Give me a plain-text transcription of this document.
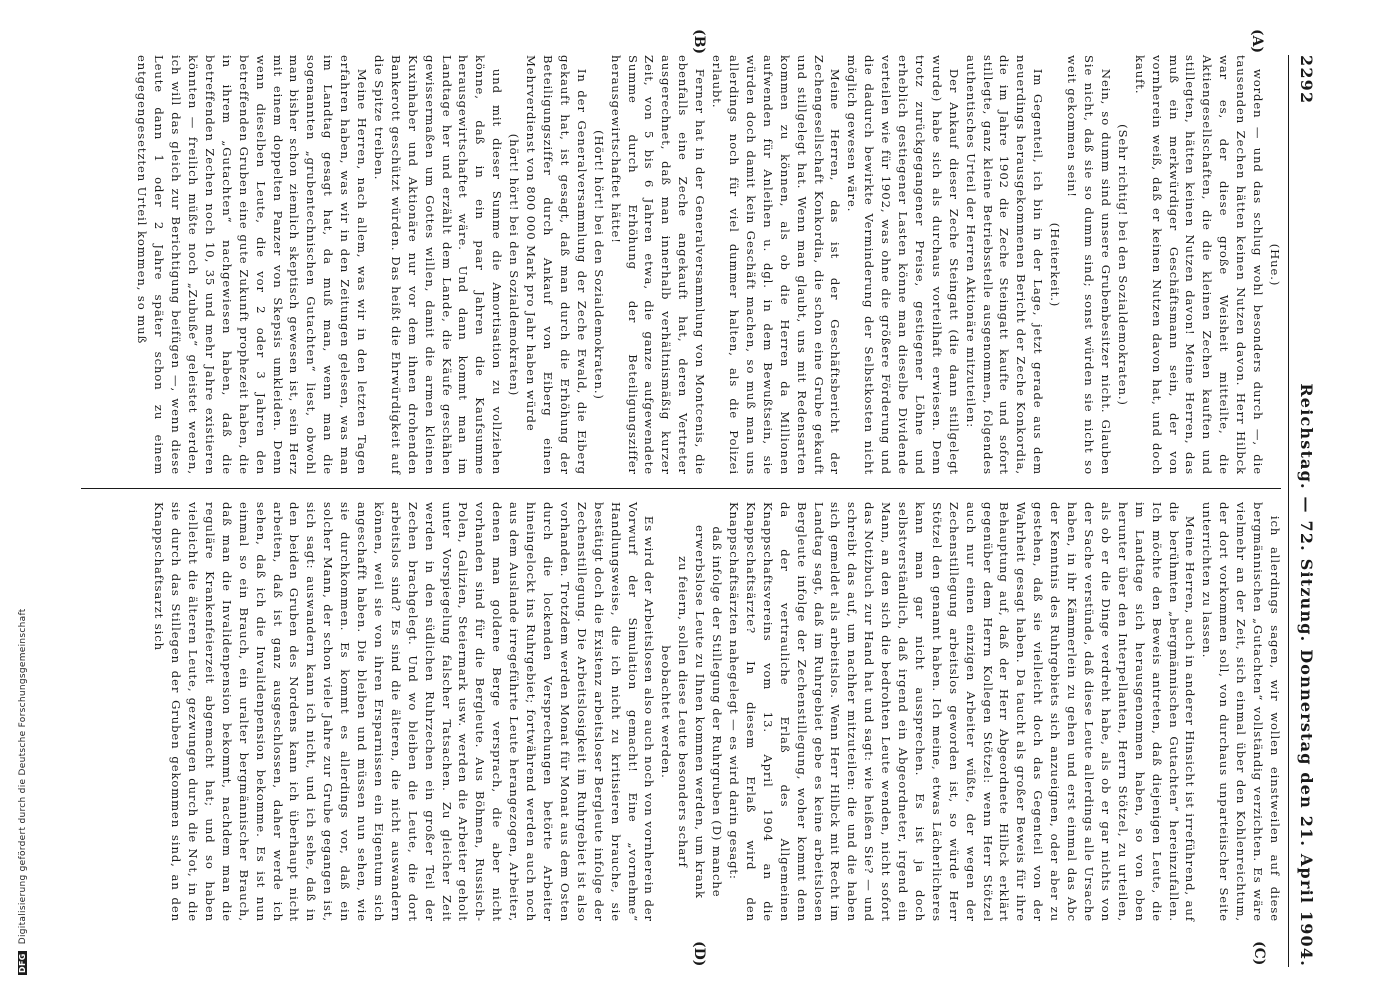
2292
Reichstag. — 72. Sitzung. Donnerstag den 21. April 1904.

(Hue.)

worden — und das schlug wohl besonders durch —, die tausenden Zechen hätten keinen Nutzen davon. Herr Hilbck war es, der diese große Weisheit mitteilte, die Aktiengesellschaften, die die kleinen Zechen kauften und stillegten, hätten keinen Nutzen davon! Meine Herren, das muß ein merkwürdiger Geschäftsmann sein, der von vornherein weiß, daß er keinen Nutzen davon hat, und doch kauft.

(Sehr richtig! bei den Sozialdemokraten.)

Nein, so dumm sind unsere Grubenbesitzer nicht. Glauben Sie nicht, daß sie so dumm sind; sonst würden sie nicht so weit gekommen sein!

(Heiterkeit.)

Im Gegenteil, ich bin in der Lage, jetzt gerade aus dem neuerdings herausgekommenen Bericht der Zeche Konkordia, die im Jahre 1902 die Zeche Steingatt kaufte und sofort stillegte, ganz kleine Betriebsstelle ausgenommen, folgendes authentisches Urteil der Herren Aktionäre mitzuteilen:

Der Ankauf dieser Zeche Steingatt (die dann stillgelegt wurde) habe sich als durchaus vorteilhaft erwiesen. Denn trotz zurückgegangener Preise, gestiegener Löhne und erheblich gestiegener Lasten könne man dieselbe Dividende verteilen wie für 1902, was ohne die größere Förderung und die dadurch bewirkte Verminderung der Selbstkosten nicht möglich gewesen wäre.

Meine Herren, das ist der Geschäftsbericht der Zechengesellschaft Konkordia, die schon eine Grube gekauft und stillgelegt hat. Wenn man glaubt, uns mit Redensarten kommen zu können, als ob die Herren da Millionen aufwenden für Anleihen u. dgl. in dem Bewußtsein, sie würden doch damit kein Geschäft machen, so muß man uns allerdings noch für viel dummer halten, als die Polizei erlaubt.

Ferner hat in der Generalversammlung von Montcenis, die ebenfalls eine Zeche angekauft hat, deren Vertreter ausgerechnet, daß man innerhalb verhältnismäßig kurzer Zeit, von 5 bis 6 Jahren etwa, die ganze aufgewendete Summe durch Erhöhung der Beteiligungsziffer herausgewirtschaftet hätte!

(Hört! hört! bei den Sozialdemokraten.)

In der Generalversammlung der Zeche Ewald, die Eiberg gekauft hat, ist gesagt, daß man durch die Erhöhung der Beteiligungsziffer durch Ankauf von Eiberg einen Mehrverdienst von 800 000 Mark pro Jahr haben würde

(hört! hört! bei den Sozialdemokraten)

und mit dieser Summe die Amortisation zu vollziehen könne, daß in ein paar Jahren die Kaufsumme herausgewirtschaftet wäre. Und dann kommt man im Landtage her und erzählt dem Lande, die Käufe geschähen gewissermaßen um Gottes willen, damit die armen kleinen Kuxinhaber und Aktionäre nur vor dem ihnen drohenden Bankerott geschützt würden. Das heißt die Ehrwürdigkeit auf die Spitze treiben.

Meine Herren, nach allem, was wir in den letzten Tagen erfahren haben, was wir in den Zeitungen gelesen, was man im Landtag gesagt hat, da muß man, wenn man die sogenannten „grubentechnischen Gutachten“ liest, obwohl man bisher schon ziemlich skeptisch gewesen ist, sein Herz mit einem doppelten Panzer von Skepsis umkleiden. Denn wenn dieselben Leute, die vor 2 oder 3 Jahren den betreffenden Gruben eine gute Zukunft prophezeit haben, die in ihrem „Gutachten“ nachgewiesen haben, daß die betreffenden Zechen noch 10, 35 und mehr Jahre existieren könnten — freilich müßte noch „Zubuße“ geleistet werden, ich will das gleich zur Berichtigung beifügen —, wenn diese Leute dann 1 oder 2 Jahre später schon zu einem entgegengesetzten Urteil kommen, so muß

ich allerdings sagen, wir wollen einstweilen auf diese bergmännischen „Gutachten“ vollständig verzichten. Es wäre vielmehr an der Zeit, sich einmal über den Kohlenreichtum, der dort vorkommen soll, von durchaus unparteiischer Seite unterrichten zu lassen.

Meine Herren, auch in anderer Hinsicht ist irreführend, auf die berühmten „bergmännischen Gutachten“ hereinzufallen. Ich möchte den Beweis antreten, daß diejenigen Leute, die im Landtage sich herausgenommen haben, so von oben herunter über den Interpellanten, Herrn Stötzel, zu urteilen, als ob er die Dinge verdreht habe, als ob er gar nichts von der Sache verstünde, daß diese Leute allerdings alle Ursache haben, in ihr Kämmerlein zu gehen und erst einmal das Abc der Kenntnis des Ruhrgebiets sich anzueignen, oder aber zu gestehen, daß sie vielleicht doch das Gegenteil von der Wahrheit gesagt haben. Da taucht als großer Beweis für ihre Behauptung auf, daß der Herr Abgeordnete Hilbck erklärt gegenüber dem Herrn Kollegen Stötzel: wenn Herr Stötzel auch nur einen einzigen Arbeiter wüßte, der wegen der Zechenstillegung arbeitslos geworden ist, so würde Herr Stötzel den genannt haben. Ich meine, etwas Lächerlicheres kann man gar nicht aussprechen. Es ist ja doch selbstverständlich, daß irgend ein Abgeordneter, irgend ein Mann, an den sich die bedrohten Leute wenden, nicht sofort das Notizbuch zur Hand hat und sagt: wie heißen Sie? — und schreibt das auf, um nachher mitzuteilen: die und die haben sich gemeldet als arbeitslos. Wenn Herr Hilbck mit Recht im Landtag sagt, daß im Ruhrgebiet gebe es keine arbeitslosen Bergleute infolge der Zechenstillegung, woher kommt denn da der vertrauliche Erlaß des Allgemeinen Knappschaftsvereins vom 13. April 1904 an die Knappschaftsärzte? In diesem Erlaß wird den Knappschaftsärzten nahegelegt — es wird darin gesagt:

daß infolge der Stillegung der Ruhrgruben (D) manche erwerbslose Leute zu Ihnen kommen werden, um krank zu feiern, sollen diese Leute besonders scharf beobachtet werden.

Es wird der Arbeitslosen also auch noch von vornherein der Vorwurf der Simulation gemacht! Eine „vornehme“ Handlungsweise, die ich nicht zu kritisieren brauche, sie bestätigt doch die Existenz arbeitsloser Bergleute infolge der Zechenstillegung. Die Arbeitslosigkeit im Ruhrgebiet ist also vorhanden. Trotzdem werden Monat für Monat aus dem Osten durch die lockenden Versprechungen betörte Arbeiter hineingelockt ins Ruhrgebiet; fortwährend werden auch noch aus dem Auslande irregeführte Leute herangezogen, Arbeiter, denen man goldene Berge versprach, die aber nicht vorhanden sind für die Bergleute. Aus Böhmen, Russisch-Polen, Galizien, Steiermark usw. werden die Arbeiter geholt unter Vorspiegelung falscher Tatsachen. Zu gleicher Zeit werden in den südlichen Ruhrzechen ein großer Teil der Zechen brachgelegt. Und wo bleiben die Leute, die dort arbeitslos sind? Es sind die älteren, die nicht auswandern können, weil sie von ihren Ersparnissen ein Eigentum sich angeschafft haben. Die bleiben und müssen nun sehen, wie sie durchkommen. Es kommt es allerdings vor, daß ein solcher Mann, der schon viele Jahre zur Grube gegangen ist, sich sagt: auswandern kann ich nicht, und ich sehe, daß in den beiden Gruben des Nordens kann ich überhaupt nicht arbeiten, daß ist ganz ausgeschlossen, daher werde ich sehen, daß ich die Invalidenpension bekomme. Es ist nun einmal so ein Brauch, ein uralter bergmännischer Brauch, daß man die Invalidenpension bekommt, nachdem man die reguläre Krankenfeierzeit abgemacht hat; und so haben vielleicht die älteren Leute, gezwungen durch die Not, in die sie durch das Stillegen der Gruben gekommen sind, an den Knappschaftsarzt sich

(A)
(B)
(C)
(D)
DFG Digitalisierung gefördert durch die Deutsche Forschungsgemeinschaft
